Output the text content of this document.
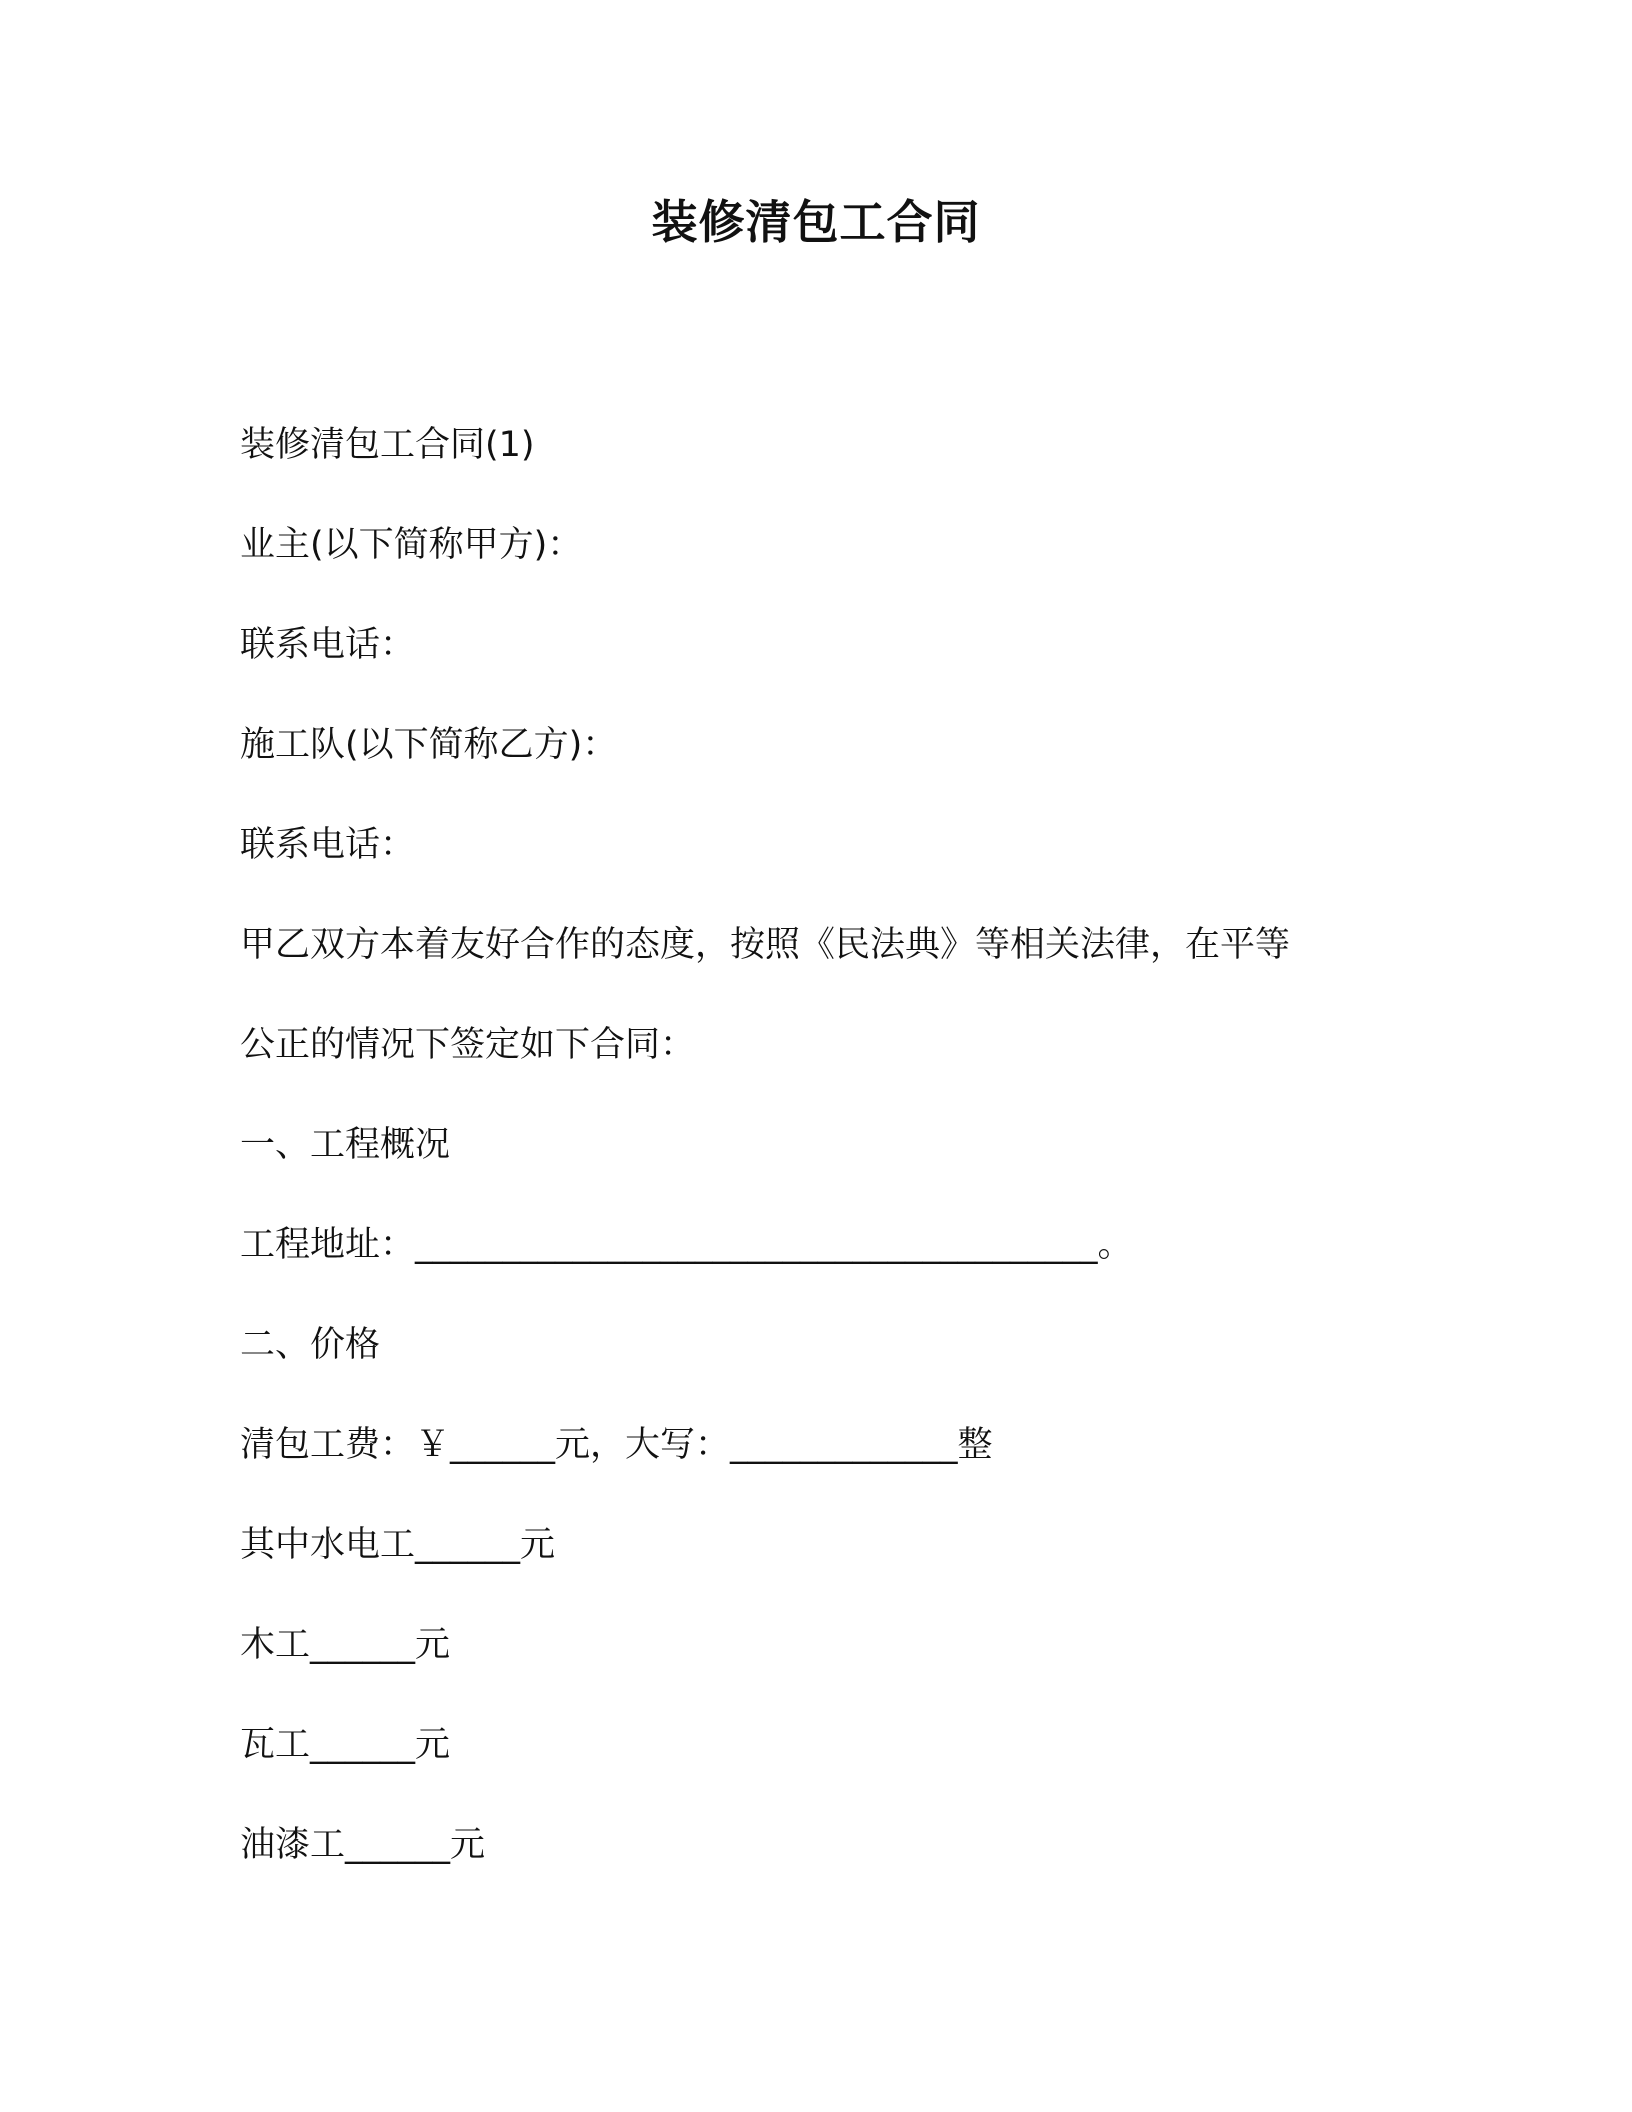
装修清包工合同
装修清包工合同(1)
业主(以下简称甲方)：
联系电话：
施工队(以下简称乙方)：
联系电话：
甲乙双方本着友好合作的态度，按照《民法典》等相关法律，在平等
公正的情况下签定如下合同：
一、工程概况
工程地址：_______________________________________。
二、价格
清包工费：￥______元，大写：_____________整
其中水电工______元
木工______元
瓦工______元
油漆工______元
